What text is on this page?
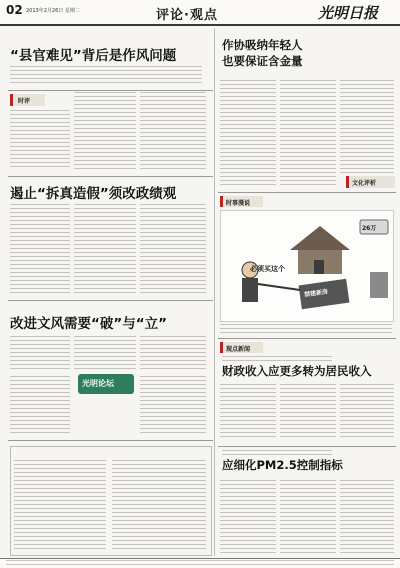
02 2013年2月26日 星期二	评论·观点	光明日报
“县官难见”背后是作风问题
时评
遏止“拆真造假”须改政绩观
改进文风需要“破”与“立”
光明论坛
作协吸纳年轻人
也要保证含金量
文化评析
时事漫说
26万
必须买这个
禁建新房
现点新闻
财政收入应更多转为居民收入
应细化PM2.5控制指标
